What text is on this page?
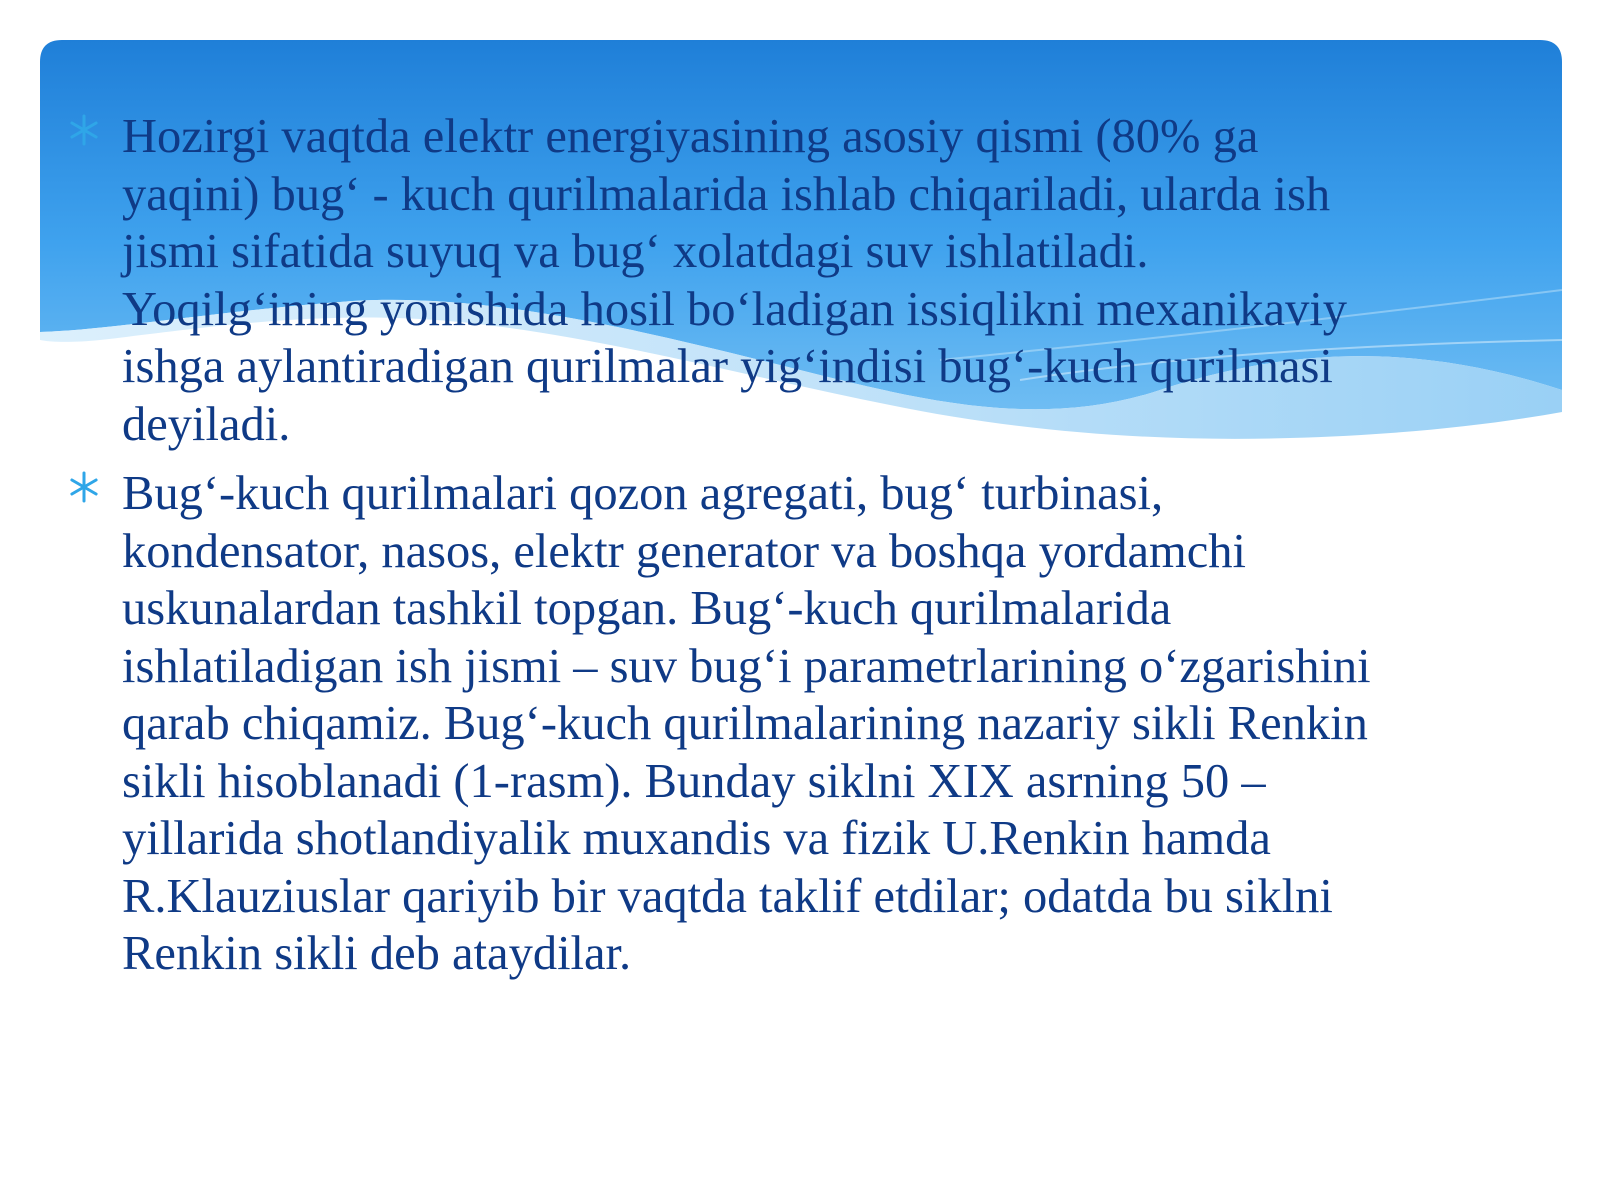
Hozirgi vaqtda elektr energiyasining asosiy qismi (80% ga
yaqini) bug‘ - kuch qurilmalarida ishlab chiqariladi, ularda ish
jismi sifatida suyuq va bug‘ xolatdagi suv ishlatiladi.
Yoqilg‘ining yonishida hosil bo‘ladigan issiqlikni mexanikaviy
ishga aylantiradigan qurilmalar yig‘indisi bug‘-kuch qurilmasi
deyiladi.

Bug‘-kuch qurilmalari qozon agregati, bug‘ turbinasi,
kondensator, nasos, elektr generator va boshqa yordamchi
uskunalardan tashkil topgan. Bug‘-kuch qurilmalarida
ishlatiladigan ish jismi – suv bug‘i parametrlarining o‘zgarishini
qarab chiqamiz. Bug‘-kuch qurilmalarining nazariy sikli Renkin
sikli hisoblanadi (1-rasm). Bunday siklni XIX asrning 50 –
yillarida shotlandiyalik muxandis va fizik U.Renkin hamda
R.Klauziuslar qariyib bir vaqtda taklif etdilar; odatda bu siklni
Renkin sikli deb ataydilar.
